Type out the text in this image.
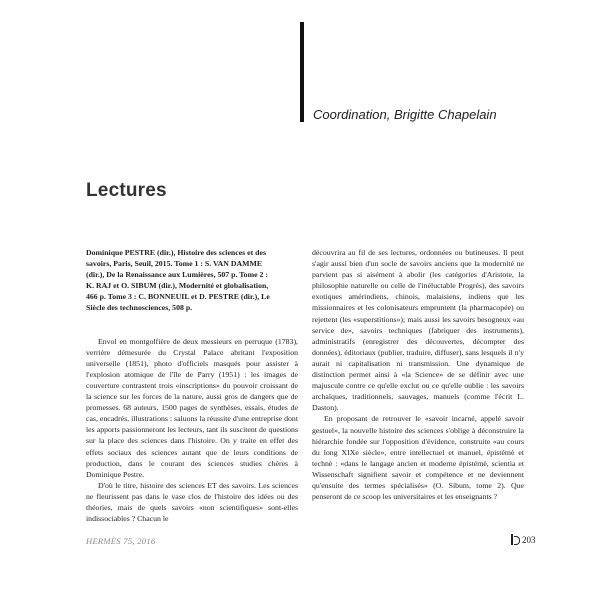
Coordination, Brigitte Chapelain
Lectures
Dominique PESTRE (dir.), Histoire des sciences et des
savoirs, Paris, Seuil, 2015. Tome 1 : S. VAN DAMME
(dir.), De la Renaissance aux Lumières, 507 p. Tome 2 :
K. RAJ et O. SIBUM (dir.), Modernité et globalisation,
466 p. Tome 3 : C. BONNEUIL et D. PESTRE (dir.), Le
Siècle des technosciences, 508 p.

Envol en montgolfière de deux messieurs en perruque (1783), verrière démesurée du Crystal Palace abritant l'exposition universelle (1851), photo d'officiels masqués pour assister à l'explosion atomique de l'île de Parry (1951) : les images de couverture contrastent trois «inscriptions» du pouvoir croissant de la science sur les forces de la nature, aussi gros de dangers que de promesses. 68 auteurs, 1500 pages de synthèses, essais, études de cas, encadrés, illustrations : saluons la réussite d'une entreprise dont les apports passionneront les lecteurs, tant ils suscitent de questions sur la place des sciences dans l'histoire. On y traite en effet des effets sociaux des sciences autant que de leurs conditions de production, dans le courant des sciences studies chères à Dominique Pestre.

D'où le titre, histoire des sciences ET des savoirs. Les sciences ne fleurissent pas dans le vase clos de l'histoire des idées ou des théories, mais de quels savoirs «non scientifiques» sont-elles indissociables ? Chacun le

découvrira au fil de ses lectures, ordonnées ou butineuses. Il peut s'agir aussi bien d'un socle de savoirs anciens que la modernité ne parvient pas si aisément à abolir (les catégories d'Aristote, la philosophie naturelle ou celle de l'inéluctable Progrès), des savoirs exotiques amérindiens, chinois, malaisiens, indiens que les missionnaires et les colonisateurs empruntent (la pharmacopée) ou rejettent (les «superstitions»); mais aussi les savoirs besogneux «au service de», savoirs techniques (fabriquer des instruments), administratifs (enregistrer des découvertes, décompter des données), éditoriaux (publier, traduire, diffuser), sans lesquels il n'y aurait ni capitalisation ni transmission. Une dynamique de distinction permet ainsi à «la Science» de se définir avec une majuscule contre ce qu'elle exclut ou ce qu'elle oublie : les savoirs archaïques, traditionnels, sauvages, manuels (comme l'écrit L. Daston).

En proposant de retrouver le «savoir incarné, appelé savoir gestuel», la nouvelle histoire des sciences s'oblige à déconstruire la hiérarchie fondée sur l'opposition d'évidence, construite «au cours du long XIXe siècle», entre intellectuel et manuel, épistémè et technè : «dans le langage ancien et moderne épistémè, scientia et Wissenschaft signifient savoir et compétence et ne deviennent qu'ensuite des termes spécialisés» (O. Sibum, tome 2). Que penseront de ce scoop les universitaires et les enseignants ?

HERMÈS 75, 2016	203
